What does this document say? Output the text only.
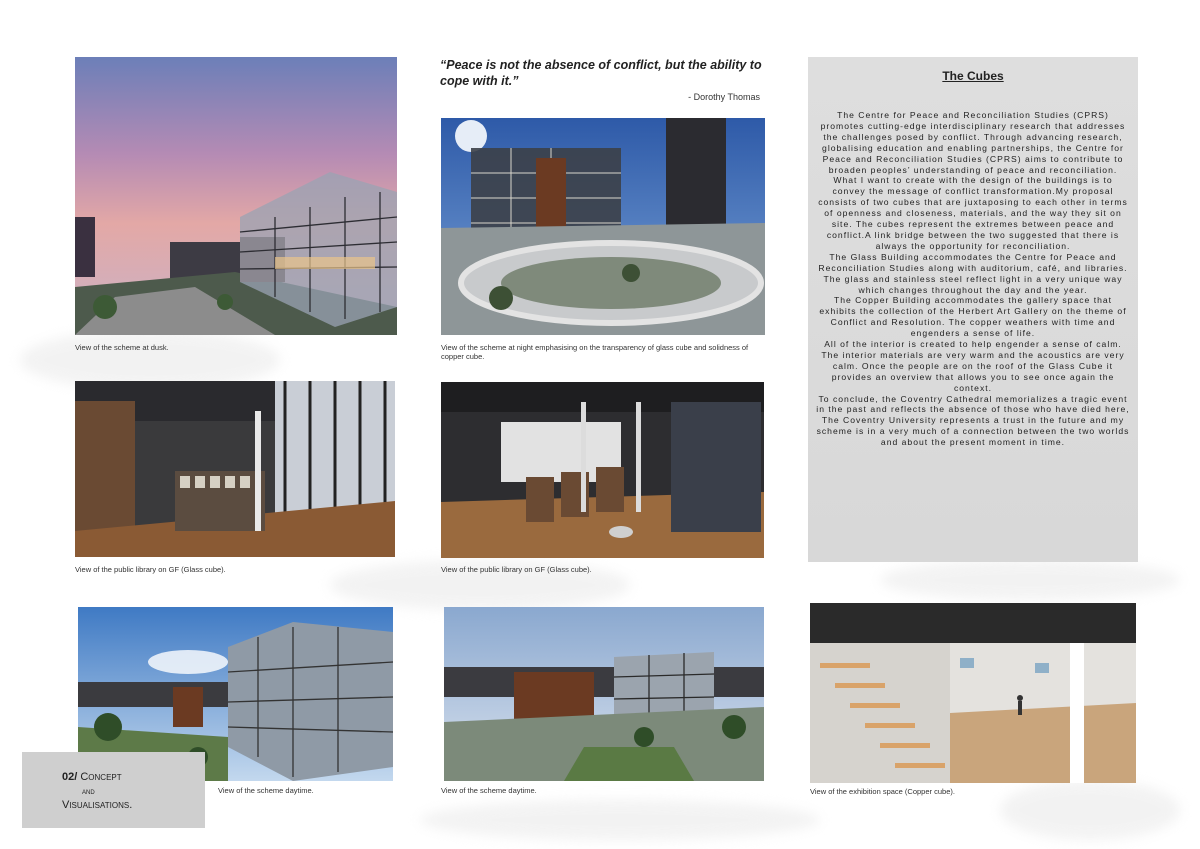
“Peace is not the absence of conflict, but the ability to cope with it.”
- Dorothy Thomas
View of the scheme at dusk.	View of the scheme at night emphasising on the transparency of glass cube and solidness of copper cube.
View of the public library on GF (Glass cube).	View of the public library on GF (Glass cube).
View of the scheme daytime.	View of the scheme daytime.	View of the exhibition space (Copper cube).
The Cubes

The Centre for Peace and Reconciliation Studies (CPRS) promotes cutting-edge interdisciplinary research that addresses the challenges posed by conflict. Through advancing research, globalising education and enabling partnerships, the Centre for Peace and Reconciliation Studies (CPRS) aims to contribute to broaden peoples’ understanding of peace and reconciliation.

What I want to create with the design of the buildings is to convey the message of conflict transformation.My proposal consists of two cubes that are juxtaposing to each other in terms of openness and closeness, materials, and the way they sit on site. The cubes represent the extremes between peace and conflict.A link bridge between the two suggested that there is always the opportunity for reconciliation.

The Glass Building accommodates the Centre for Peace and Reconciliation Studies along with auditorium, café, and libraries. The glass and stainless steel reflect light in a very unique way which changes throughout the day and the year.

The Copper Building accommodates the gallery space that exhibits the collection of the Herbert Art Gallery on the theme of Conflict and Resolution. The copper weathers with time and engenders a sense of life.

All of the interior is created to help engender a sense of calm. The interior materials are very warm and the acoustics are very calm. Once the people are on the roof of the Glass Cube it provides an overview that allows you to see once again the context.

To conclude, the Coventry Cathedral memorializes a tragic event in the past and reflects the absence of those who have died here, The Coventry University represents a trust in the future and my scheme is in a very much of a connection between the two worlds and about the present moment in time.

02/ Concept
and
Visualisations.
